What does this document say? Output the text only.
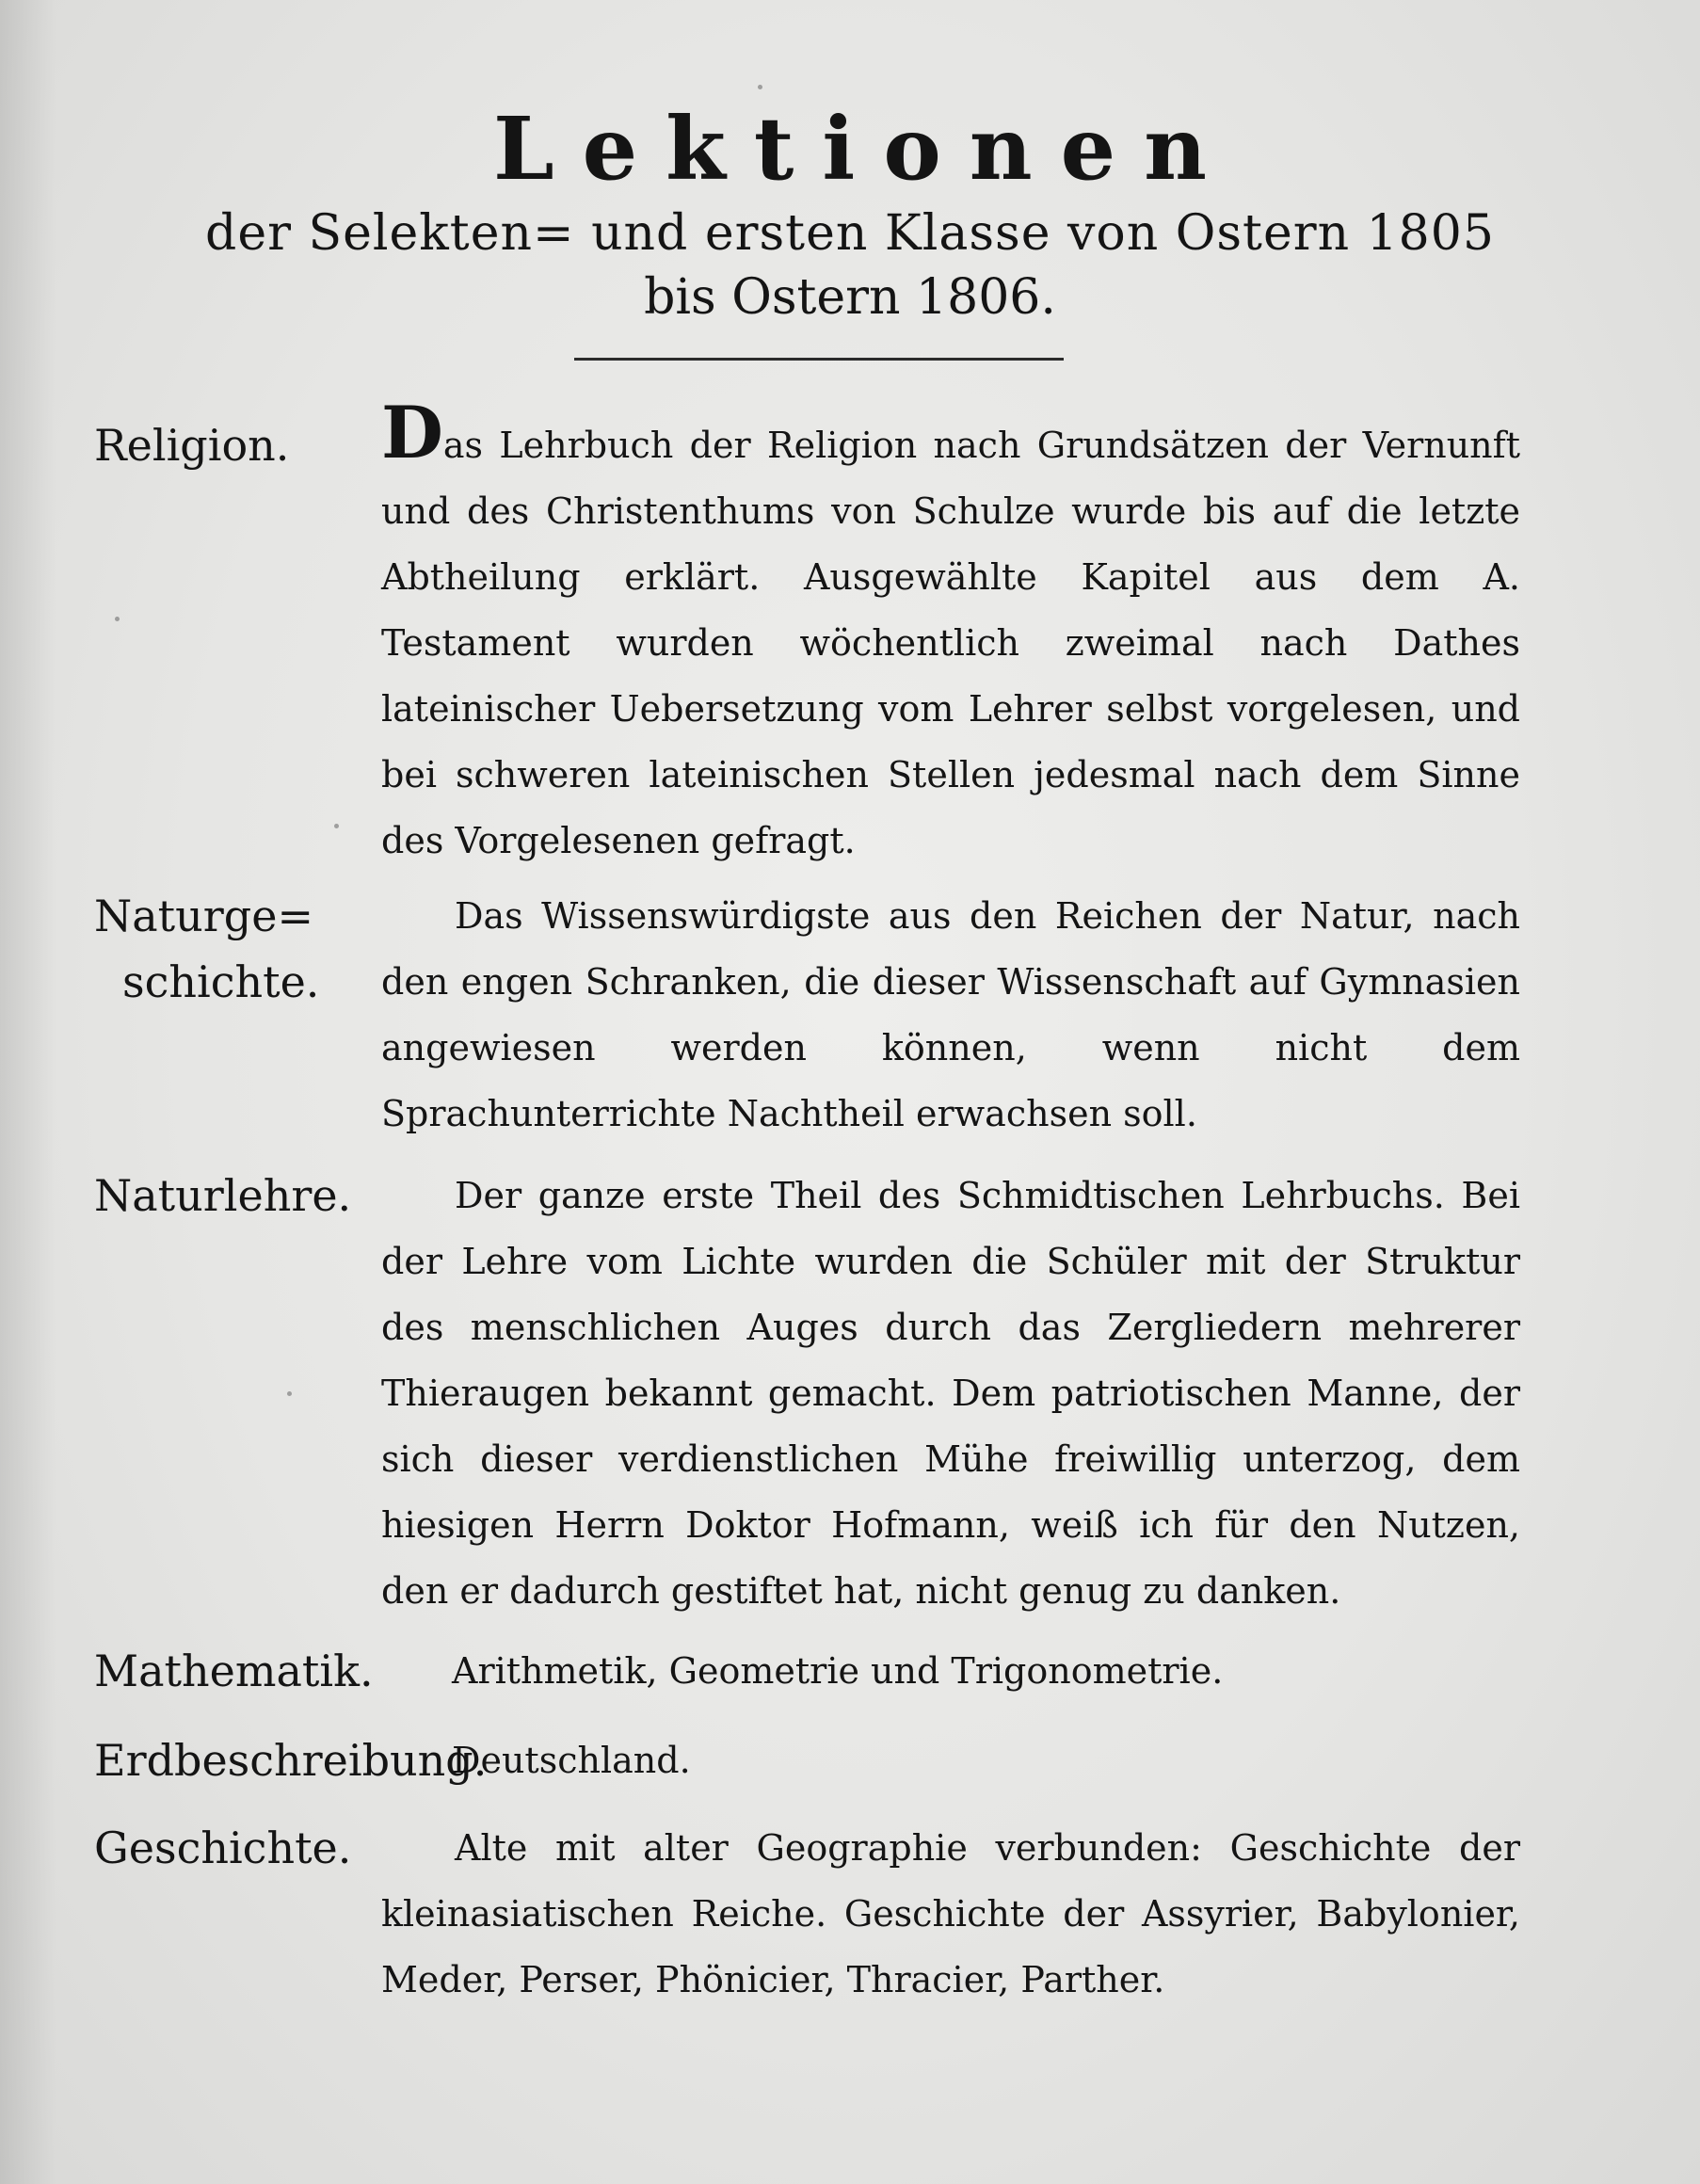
Lektionen
der Selekten= und ersten Klasse von Ostern 1805
bis Ostern 1806.
Religion. Das Lehrbuch der Religion nach Grundsätzen der Vernunft und des Christenthums von Schulze wurde bis auf die letzte Abtheilung erklärt. Ausgewählte Kapitel aus dem A. Testament wurden wöchentlich zweimal nach Dathes lateinischer Uebersetzung vom Lehrer selbst vorgelesen, und bei schweren lateinischen Stellen jedesmal nach dem Sinne des Vorgelesenen gefragt.
Naturge=
schichte.
Das Wissenswürdigste aus den Reichen der Natur, nach den engen Schranken, die dieser Wissenschaft auf Gymnasien angewiesen werden können, wenn nicht dem Sprachunterrichte Nachtheil erwachsen soll.
Naturlehre.	Der ganze erste Theil des Schmidtischen Lehrbuchs. Bei der Lehre vom Lichte wurden die Schüler mit der Struktur des menschlichen Auges durch das Zergliedern mehrerer Thieraugen bekannt gemacht. Dem patriotischen Manne, der sich dieser verdienstlichen Mühe freiwillig unterzog, dem hiesigen Herrn Doktor Hofmann, weiß ich für den Nutzen, den er dadurch gestiftet hat, nicht genug zu danken.
Mathematik. Arithmetik, Geometrie und Trigonometrie.
Erdbeschreibung.
Deutschland.
Geschichte.	Alte mit alter Geographie verbunden: Geschichte der kleinasiatischen Reiche. Geschichte der Assyrier, Babylonier, Meder, Perser, Phönicier, Thracier, Parther.
